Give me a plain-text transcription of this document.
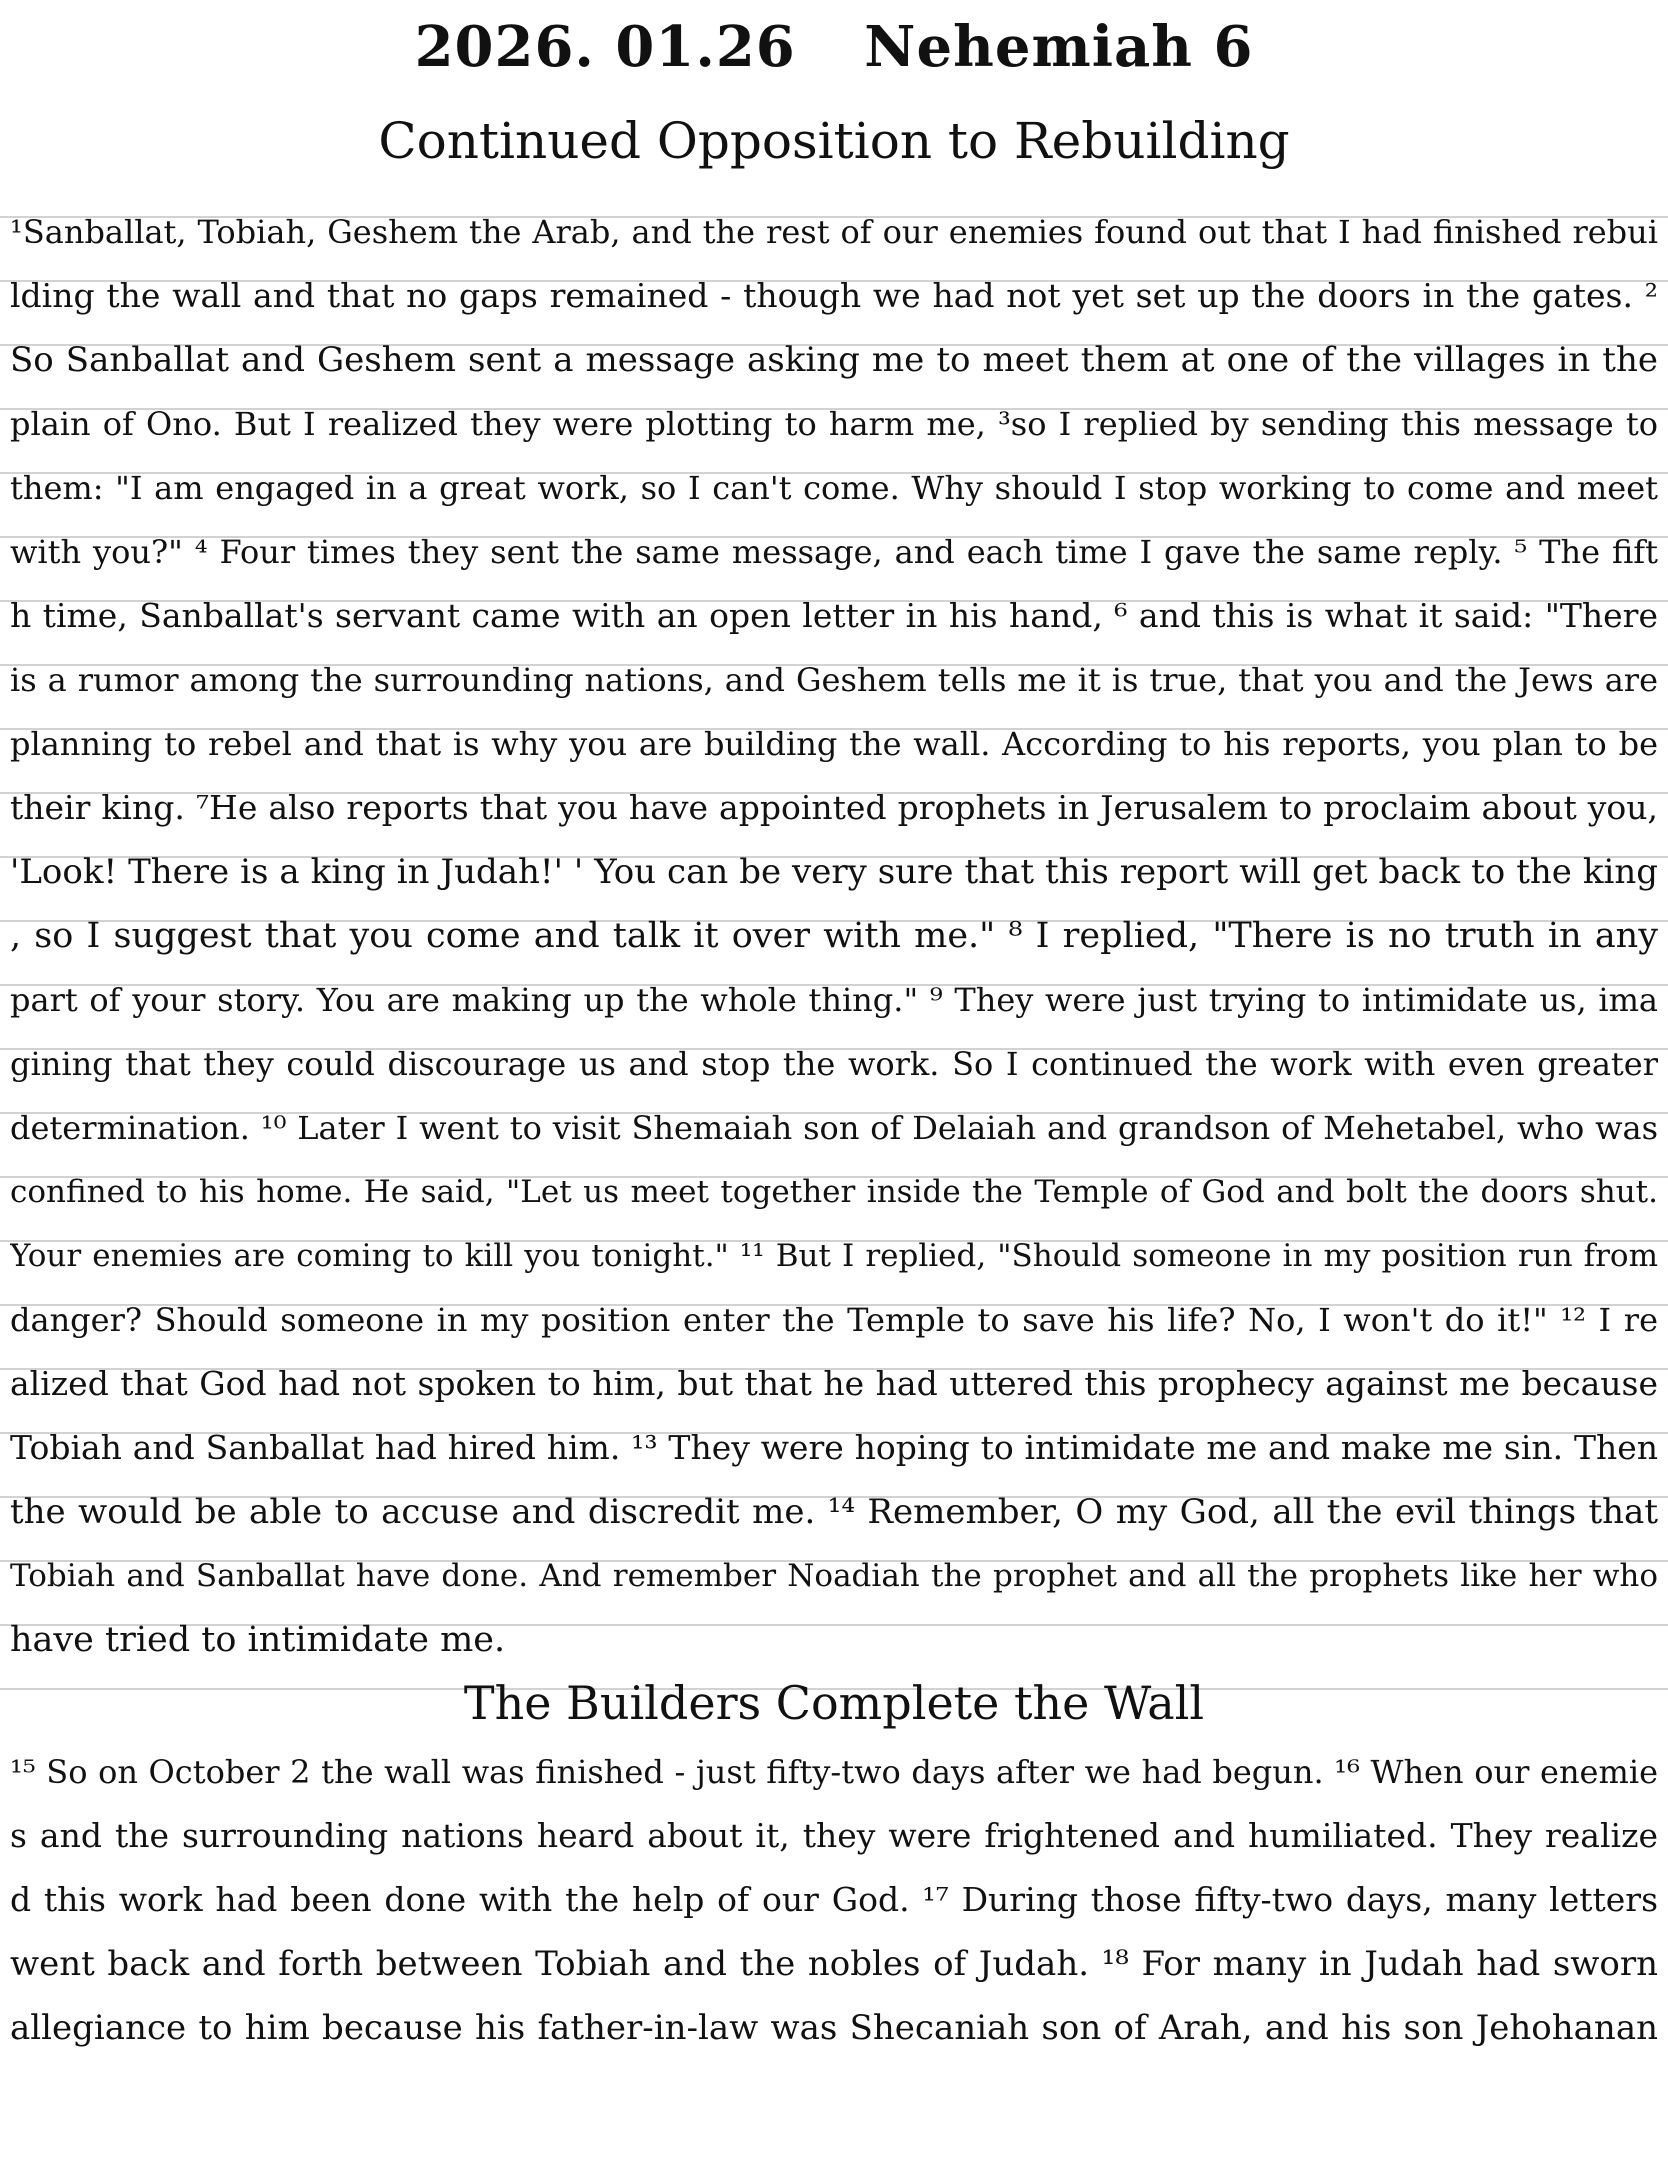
2026. 01.26 Nehemiah 6
Continued Opposition to Rebuilding
¹Sanballat, Tobiah, Geshem the Arab, and the rest of our enemies found out that I had finished rebui
lding the wall and that no gaps remained - though we had not yet set up the doors in the gates. ²
So Sanballat and Geshem sent a message asking me to meet them at one of the villages in the
plain of Ono. But I realized they were plotting to harm me, ³so I replied by sending this message to
them: "I am engaged in a great work, so I can't come. Why should I stop working to come and meet
with you?" ⁴ Four times they sent the same message, and each time I gave the same reply. ⁵ The fift
h time, Sanballat's servant came with an open letter in his hand, ⁶ and this is what it said: "There
is a rumor among the surrounding nations, and Geshem tells me it is true, that you and the Jews are
planning to rebel and that is why you are building the wall. According to his reports, you plan to be
their king. ⁷He also reports that you have appointed prophets in Jerusalem to proclaim about you,
'Look! There is a king in Judah!' ' You can be very sure that this report will get back to the king
, so I suggest that you come and talk it over with me." ⁸ I replied, "There is no truth in any
part of your story. You are making up the whole thing." ⁹ They were just trying to intimidate us, ima
gining that they could discourage us and stop the work. So I continued the work with even greater
determination. ¹⁰ Later I went to visit Shemaiah son of Delaiah and grandson of Mehetabel, who was
confined to his home. He said, "Let us meet together inside the Temple of God and bolt the doors shut.
Your enemies are coming to kill you tonight." ¹¹ But I replied, "Should someone in my position run from
danger? Should someone in my position enter the Temple to save his life? No, I won't do it!" ¹² I re
alized that God had not spoken to him, but that he had uttered this prophecy against me because
Tobiah and Sanballat had hired him. ¹³ They were hoping to intimidate me and make me sin. Then
the would be able to accuse and discredit me. ¹⁴ Remember, O my God, all the evil things that
Tobiah and Sanballat have done. And remember Noadiah the prophet and all the prophets like her who
have tried to intimidate me.
The Builders Complete the Wall
¹⁵ So on October 2 the wall was finished - just fifty-two days after we had begun. ¹⁶ When our enemie
s and the surrounding nations heard about it, they were frightened and humiliated. They realize
d this work had been done with the help of our God. ¹⁷ During those fifty-two days, many letters
went back and forth between Tobiah and the nobles of Judah. ¹⁸ For many in Judah had sworn
allegiance to him because his father-in-law was Shecaniah son of Arah, and his son Jehohanan
